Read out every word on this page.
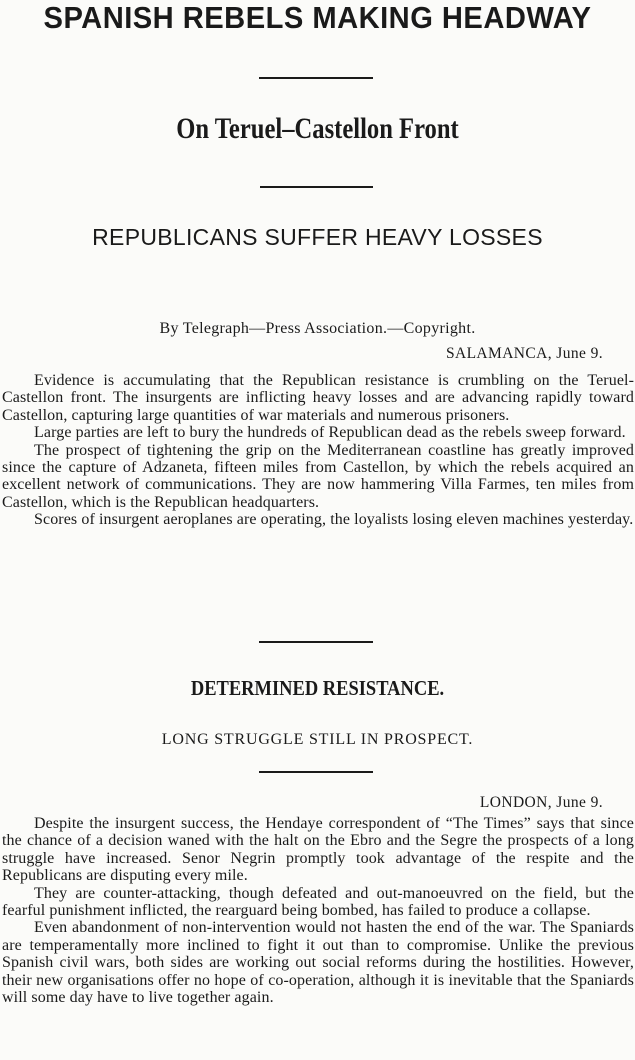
SPANISH REBELS MAKING HEADWAY
On Teruel–Castellon Front
REPUBLICANS SUFFER HEAVY LOSSES
By Telegraph—Press Association.—Copyright.
SALAMANCA, June 9.

Evidence is accumulating that the Republican resistance is crumbling on the Teruel-Castellon front. The insurgents are inflicting heavy losses and are advancing rapidly toward Castellon, capturing large quantities of war materials and numerous prisoners.

Large parties are left to bury the hundreds of Republican dead as the rebels sweep forward.

The prospect of tightening the grip on the Mediterranean coastline has greatly improved since the capture of Adzaneta, fifteen miles from Castellon, by which the rebels acquired an excellent network of communications. They are now hammering Villa Farmes, ten miles from Castellon, which is the Republican headquarters.

Scores of insurgent aeroplanes are operating, the loyalists losing eleven machines yesterday.

DETERMINED RESISTANCE.
LONG STRUGGLE STILL IN PROSPECT.
LONDON, June 9.

Despite the insurgent success, the Hendaye correspondent of “The Times” says that since the chance of a decision waned with the halt on the Ebro and the Segre the prospects of a long struggle have increased. Senor Negrin promptly took advantage of the respite and the Republicans are disputing every mile.

They are counter-attacking, though defeated and out-manoeuvred on the field, but the fearful punishment inflicted, the rearguard being bombed, has failed to produce a collapse.

Even abandonment of non-intervention would not hasten the end of the war. The Spaniards are temperamentally more inclined to fight it out than to compromise. Unlike the previous Spanish civil wars, both sides are working out social reforms during the hostilities. However, their new organisations offer no hope of co-operation, although it is inevitable that the Spaniards will some day have to live together again.
